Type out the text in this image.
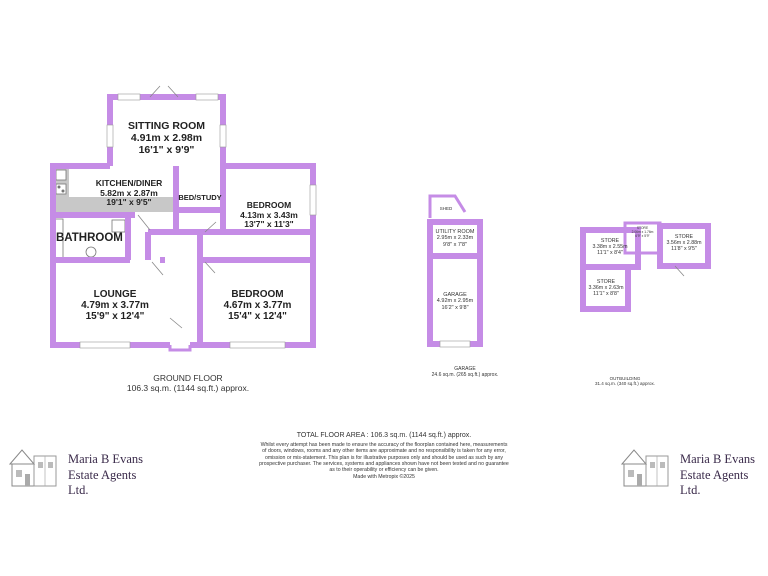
SITTING ROOM
4.91m x 2.98m
16'1" x 9'9"
KITCHEN/DINER
5.82m x 2.87m
19'1" x 9'5"	BED/STUDY
BEDROOM
4.13m x 3.43m
13'7" x 11'3"
BATHROOM
LOUNGE
4.79m x 3.77m
15'9" x 12'4"
BEDROOM
4.67m x 3.77m
15'4" x 12'4"
GROUND FLOOR
106.3 sq.m. (1144 sq.ft.) approx.
SHED
UTILITY ROOM
2.95m x 2.33m
9'8" x 7'8"
GARAGE
4.92m x 2.95m
16'2" x 9'8"
GARAGE
24.6 sq.m. (265 sq.ft.) approx.
STORE
3.38m x 2.55m
11'1" x 8'4"
STORE
2.06m x 1.76m
6'9" x 5'9"	STORE
3.56m x 2.88m
11'8" x 9'5"
STORE
3.36m x 2.63m
11'1" x 8'8"
OUTBUILDING
31.4 sq.m. (340 sq.ft.) approx.
TOTAL FLOOR AREA : 106.3 sq.m. (1144 sq.ft.) approx.
Whilst every attempt has been made to ensure the accuracy of the floorplan contained here, measurements
of doors, windows, rooms and any other items are approximate and no responsibility is taken for any error,
omission or mis-statement. This plan is for illustrative purposes only and should be used as such by any
prospective purchaser. The services, systems and appliances shown have not been tested and no guarantee
as to their operability or efficiency can be given.
Made with Metropix ©2025
Maria B Evans
Estate Agents Ltd.
Maria B Evans
Estate Agents Ltd.
